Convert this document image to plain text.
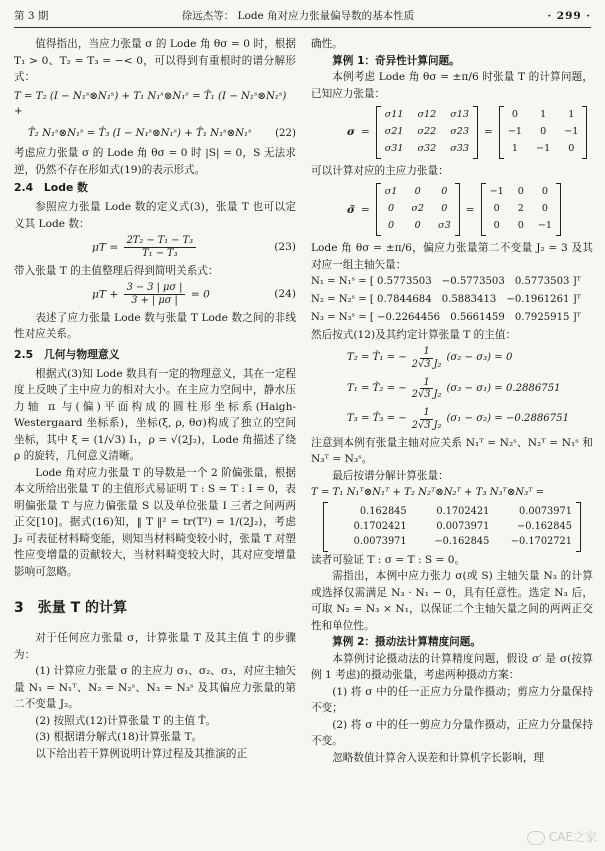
第 3 期	徐远杰等： Lode 角对应力张量偏导数的基本性质	· 299 ·

值得指出，当应力张量 σ 的 Lode 角 θσ = 0 时，根据 T₁ > 0、T₂ = T₃ = −< 0，可以得到有重根时的谱分解形式：

T = T₂ (I − N₁ˢ⊗N₁ˢ) + T₁ N₁ˢ⊗N₁ˢ = T̂₁ (I − N₁ˢ⊗N₁ˢ) +
T̂₂ N₁ˢ⊗N₁ˢ = T̂₃ (I − N₁ˢ⊗N₁ˢ) + T̂₁ N₁ˢ⊗N₁ˢ (22)

考虑应力张量 σ 的 Lode 角 θσ = 0 时 |S| = 0，S 无法求逆，仍然不存在形如式(19)的表示形式。

2.4　Lode 数

参照应力张量 Lode 数的定义式(3)，张量 T 也可以定义其 Lode 数：

$\mu T = \frac{\text{2T₂ − T₁ − T₃}}{\text{T₁ − T₃}}$	(23)

带入张量 T 的主值整理后得到简明关系式：

$\mu T + \frac{3 - 3 | \mu\sigma |}{3 + | \mu\sigma |} = 0$	(24)

表述了应力张量 Lode 数与张量 T Lode 数之间的非线性对应关系。

2.5　几何与物理意义

根据式(3)知 Lode 数具有一定的物理意义，其在一定程度上反映了主中应力的相对大小。在主应力空间中，静水压力轴 π 与(偏)平面构成的圆柱形坐标系(Haigh-Westergaard 坐标系)，坐标(ξ, ρ, θσ)构成了独立的空间坐标，其中 ξ = (1/√3) I₁，ρ = √(2J₂)，Lode 角描述了绕 ρ 的旋转，几何意义清晰。

Lode 角对应力张量 T 的导数是一个 2 阶偏张量，根据本文所给出张量 T 的主值形式易证明 T : S = T : I = 0，表明偏张量 T 与应力偏张量 S 以及单位张量 I 三者之间两两正交[10]。据式(16)知，‖ T ‖² = tr(T²) = 1/(2J₂)，考虑 J₂ 可表征材料畸变能，则知当材料畸变较小时，张量 T 对塑性应变增量的贡献较大，当材料畸变较大时，其对应变增量影响可忽略。

3　张量 T 的计算

对于任何应力张量 σ，计算张量 T 及其主值 T̂ 的步骤为：

(1) 计算应力张量 σ 的主应力 σ₁、σ₂、σ₃，对应主轴矢量 N₁ = N₁ᵀ、N₂ = N₂ˢ、N₃ = N₃ˢ 及其偏应力张量的第二不变量 J₂。

(2) 按照式(12)计算张量 T 的主值 T̂。

(3) 根据谱分解式(18)计算张量 T。

以下给出若干算例说明计算过程及其推演的正

确性。

算例 1：奇异性计算问题。

本例考虑 Lode 角 θσ = ±π/6 时张量 T 的计算问题，已知应力张量：

σ =
σ11 σ12 σ13
σ21 σ22 σ23
σ31 σ32 σ33
=
0	1	1
−1	0	−1
1	−1	0

可以计算对应的主应力张量：

σ̃ =
σ1	0	0
0	σ2	0
0	0	σ3
=
−1 0	0
0	2	0
0	0 −1

Lode 角 θσ = ±π/6，偏应力张量第二不变量 J₂ = 3 及其对应一组主轴矢量：

N₁ = N₁ˢ = [ 0.5773503　−0.5773503　0.5773503 ]ᵀ
N₂ = N₂ˢ = [ 0.7844684　0.5883413　−0.1961261 ]ᵀ
N₃ = N₃ˢ = [ −0.2264456　0.5661459　0.7925915 ]ᵀ

然后按式(12)及其约定计算张量 T 的主值：

T₂ = T̂₁ = − $\frac{1}{\text{2√3 J₂}} (\sigma_2 - \sigma_3) = 0$
T₁ = T̂₂ = − $\frac{1}{\text{2√3 J₂}} (\sigma_3 - \sigma_1) = 0.2886751$
T₃ = T̂₃ = − $\frac{1}{\text{2√3 J₂}} (\sigma_1 - \sigma_2) = -0.2886751$

注意到本例有张量主轴对应关系 N₁ᵀ = N₂ˢ、N₂ᵀ = N₁ˢ 和 N₃ᵀ = N₃ˢ。

最后按谱分解计算张量：

T = T₁ N₁ᵀ⊗N₁ᵀ + T₂ N₂ᵀ⊗N₂ᵀ + T₃ N₃ᵀ⊗N₃ᵀ =
0.162845	0.1702421	0.0073971
0.1702421	0.0073971	−0.162845
0.0073971	−0.162845	−0.1702721

读者可验证 T : σ = T : S = 0。

需指出，本例中应力张力 σ(或 S) 主轴矢量 N₃ 的计算或选择仅需满足 N₃ · N₁ − 0，具有任意性。选定 N₃ 后，可取 N₂ = N₃ × N₁，以保证二个主轴矢量之间的两两正交性和单位性。

算例 2：摄动法计算精度问题。

本算例讨论摄动法的计算精度问题，假设 σ′ 是 σ(按算例 1 考虑)的摄动张量，考虑两种摄动方案：

(1) 将 σ 中的任一正应力分量作摄动；剪应力分量保持不变；

(2) 将 σ 中的任一剪应力分量作摄动，正应力分量保持不变。

忽略数值计算舍入误差和计算机字长影响，理

CAE之家
